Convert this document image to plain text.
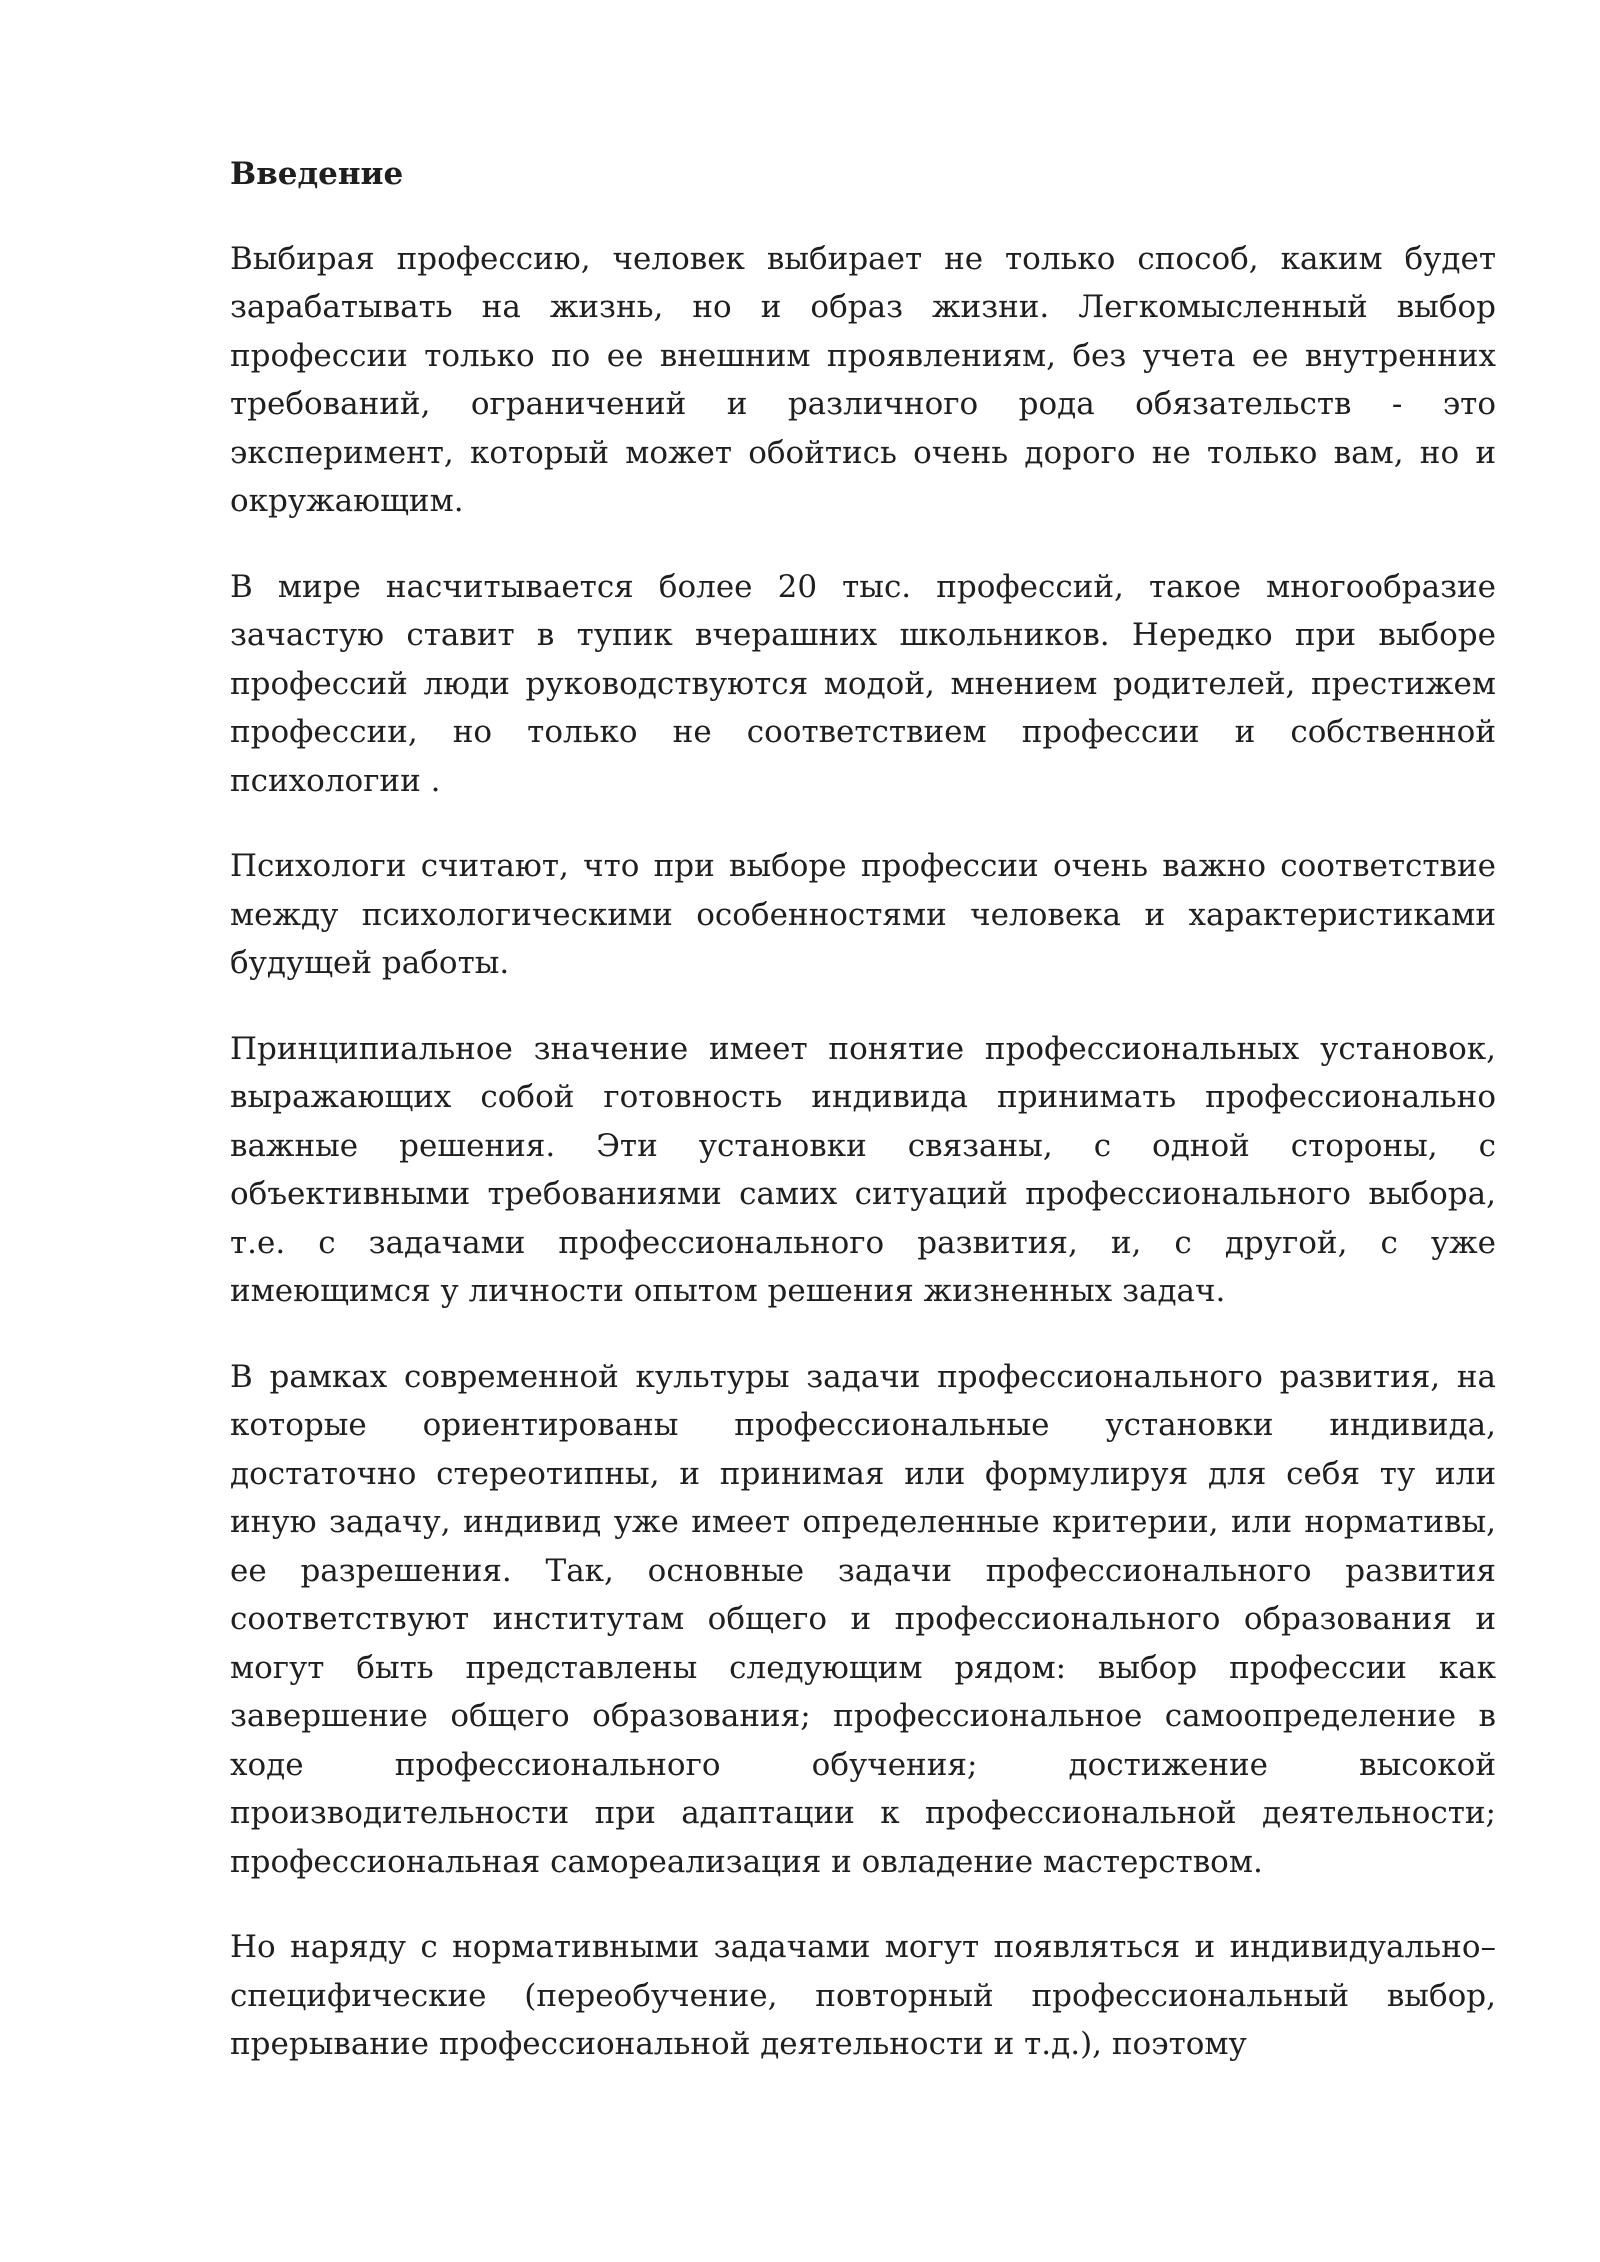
Введение

Выбирая профессию, человек выбирает не только способ, каким будет зарабатывать на жизнь, но и образ жизни. Легкомысленный выбор профессии только по ее внешним проявлениям, без учета ее внутренних требований, ограничений и различного рода обязательств - это эксперимент, который может обойтись очень дорого не только вам, но и окружающим.

В мире насчитывается более 20 тыс. профессий, такое многообразие зачастую ставит в тупик вчерашних школьников. Нередко при выборе профессий люди руководствуются модой, мнением родителей, престижем профессии, но только не соответствием профессии и собственной психологии .

Психологи считают, что при выборе профессии очень важно соответствие между психологическими особенностями человека и характеристиками будущей работы.

Принципиальное значение имеет понятие профессиональных установок, выражающих собой готовность индивида принимать профессионально важные решения. Эти установки связаны, с одной стороны, с объективными требованиями самих ситуаций профессионального выбора, т.е. с задачами профессионального развития, и, с другой, с уже имеющимся у личности опытом решения жизненных задач.

В рамках современной культуры задачи профессионального развития, на которые ориентированы профессиональные установки индивида, достаточно стереотипны, и принимая или формулируя для себя ту или иную задачу, индивид уже имеет определенные критерии, или нормативы, ее разрешения. Так, основные задачи профессионального развития соответствуют институтам общего и профессионального образования и могут быть представлены следующим рядом: выбор профессии как завершение общего образования; профессиональное самоопределение в ходе профессионального обучения; достижение высокой производительности при адаптации к профессиональной деятельности; профессиональная самореализация и овладение мастерством.

Но наряду с нормативными задачами могут появляться и индивидуально–специфические (переобучение, повторный профессиональный выбор, прерывание профессиональной деятельности и т.д.), поэтому
